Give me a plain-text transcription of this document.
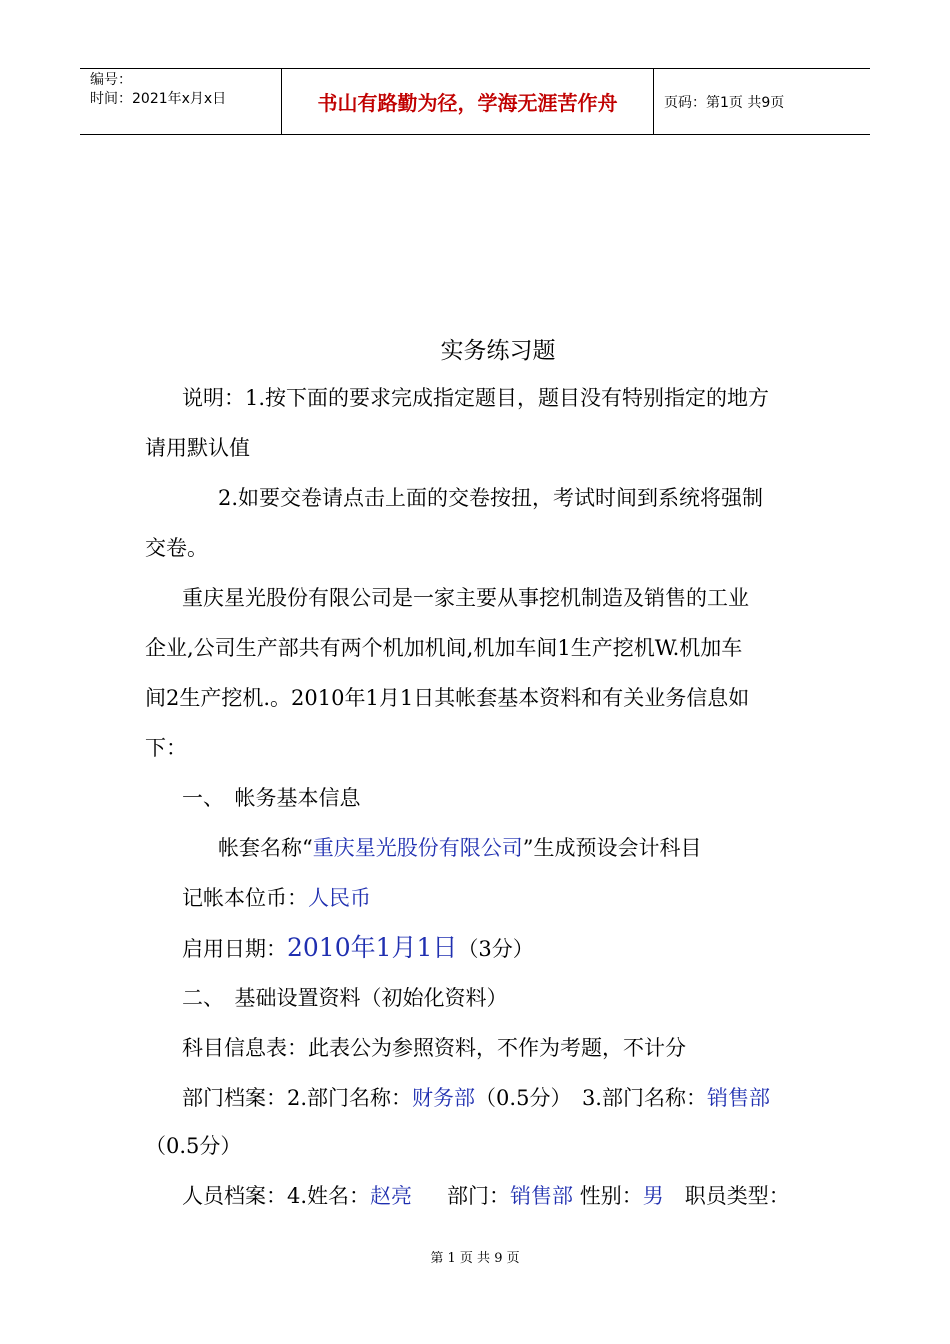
编号：
时间：2021年x月x日	书山有路勤为径，学海无涯苦作舟	页码：第1页 共9页
实务练习题
说明：1.按下面的要求完成指定题目，题目没有特别指定的地方
请用默认值
2.如要交卷请点击上面的交卷按扭，考试时间到系统将强制
交卷。
重庆星光股份有限公司是一家主要从事挖机制造及销售的工业
企业,公司生产部共有两个机加机间,机加车间1生产挖机W.机加车
间2生产挖机.。2010年1月1日其帐套基本资料和有关业务信息如
下：
一、　帐务基本信息
帐套名称“重庆星光股份有限公司”生成预设会计科目
记帐本位币：人民币
启用日期：2010年1月1日（3分）
二、　基础设置资料（初始化资料）
科目信息表：此表公为参照资料，不作为考题，不计分
部门档案：2.部门名称：财务部（0.5分）　3.部门名称：销售部
（0.5分）
人员档案：4.姓名：赵亮　部门：销售部 性别：男　职员类型：
第 1 页 共 9 页
